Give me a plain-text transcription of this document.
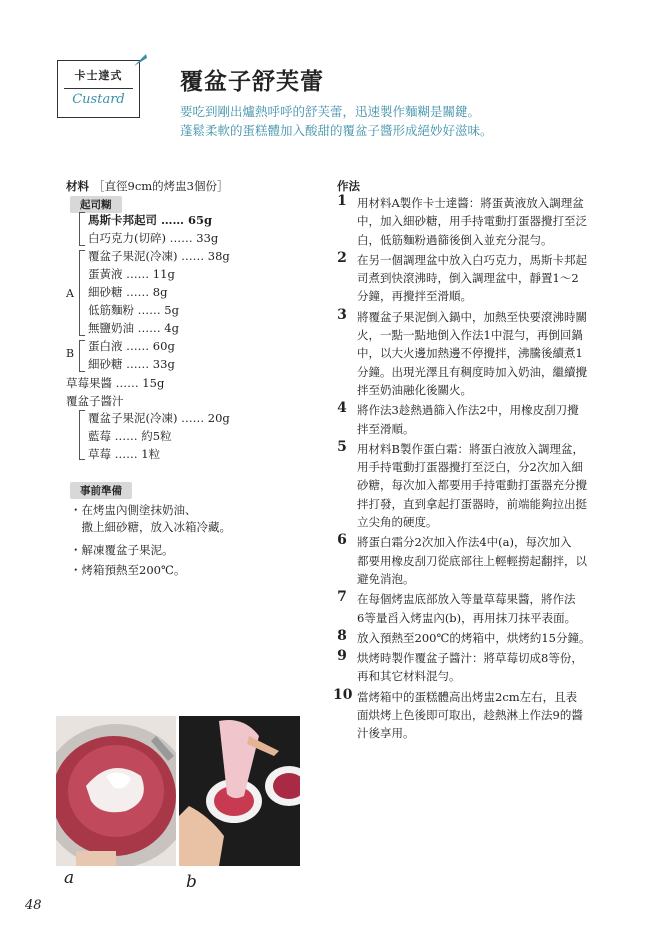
卡士達式
Custard
覆盆子舒芙蕾
要吃到剛出爐熱呼呼的舒芙蕾，迅速製作麵糊是關鍵。
蓬鬆柔軟的蛋糕體加入酸甜的覆盆子醬形成絕妙好滋味。
材料 ［直徑9cm的烤盅3個份］
起司糊
馬斯卡邦起司 …… 65g
白巧克力(切碎) …… 33g
A
覆盆子果泥(冷凍) …… 38g
蛋黃液 …… 11g
細砂糖 …… 8g
低筋麵粉 …… 5g
無鹽奶油 …… 4g
B
蛋白液 …… 60g
細砂糖 …… 33g
草莓果醬 …… 15g
覆盆子醬汁
覆盆子果泥(冷凍) …… 20g
藍莓 …… 約5粒
草莓 …… 1粒
事前準備
・在烤盅內側塗抹奶油、
　撒上細砂糖，放入冰箱冷藏。
・解凍覆盆子果泥。
・烤箱預熱至200℃。
作法
1 用材料A製作卡士達醬：將蛋黃液放入調理盆
中，加入細砂糖，用手持電動打蛋器攪打至泛
白，低筋麵粉過篩後倒入並充分混勻。
2 在另一個調理盆中放入白巧克力，馬斯卡邦起
司煮到快滾沸時，倒入調理盆中，靜置1～2
分鐘，再攪拌至滑順。
3 將覆盆子果泥倒入鍋中，加熱至快要滾沸時關
火，一點一點地倒入作法1中混勻，再倒回鍋
中，以大火邊加熱邊不停攪拌，沸騰後續煮1
分鐘。出現光澤且有稠度時加入奶油，繼續攪
拌至奶油融化後關火。
4 將作法3趁熱過篩入作法2中，用橡皮刮刀攪
拌至滑順。
5 用材料B製作蛋白霜：將蛋白液放入調理盆，
用手持電動打蛋器攪打至泛白，分2次加入細
砂糖，每次加入都要用手持電動打蛋器充分攪
拌打發，直到拿起打蛋器時，前端能夠拉出挺
立尖角的硬度。
6 將蛋白霜分2次加入作法4中(a)，每次加入
都要用橡皮刮刀從底部往上輕輕撈起翻拌，以
避免消泡。
7 在每個烤盅底部放入等量草莓果醬，將作法
6等量舀入烤盅內(b)，再用抹刀抹平表面。
8 放入預熱至200℃的烤箱中，烘烤約15分鐘。
9 烘烤時製作覆盆子醬汁：將草莓切成8等份，
再和其它材料混勻。
10 當烤箱中的蛋糕體高出烤盅2cm左右，且表
面烘烤上色後即可取出，趁熱淋上作法9的醬
汁後享用。
a	b
48
